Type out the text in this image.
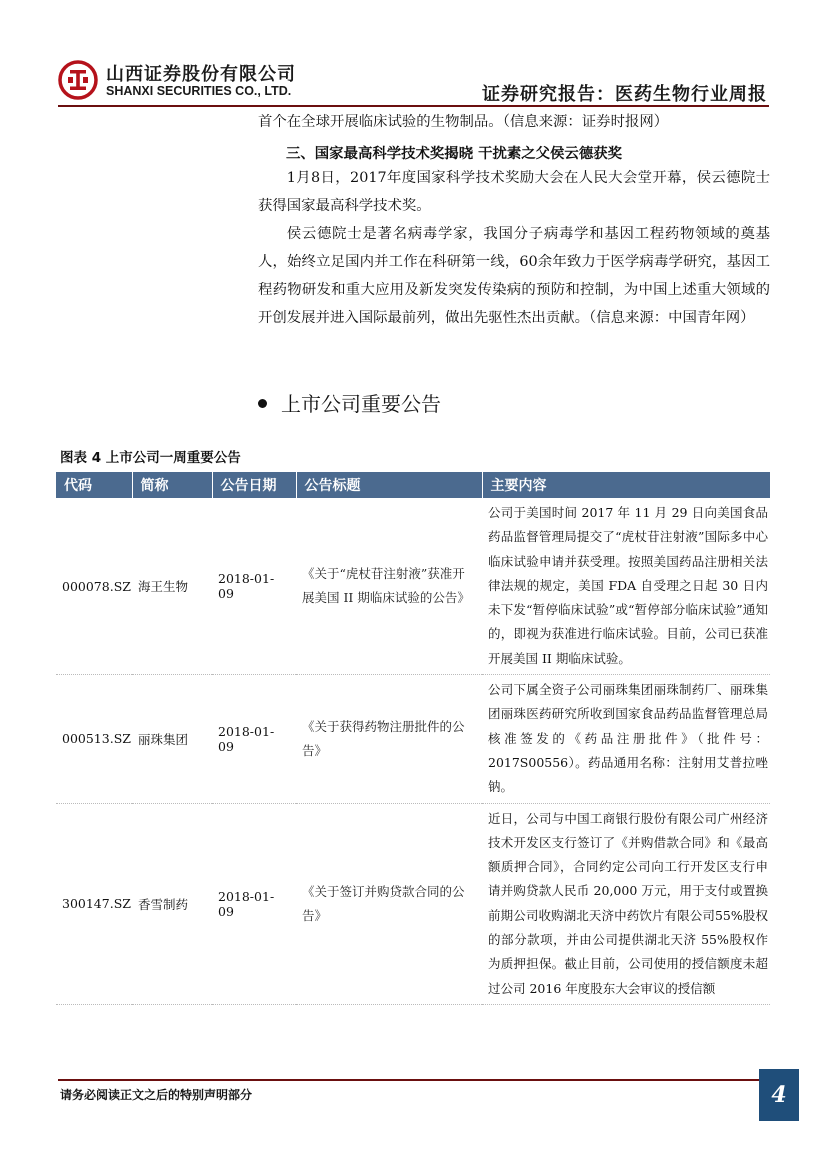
山西证券股份有限公司
SHANXI SECURITIES CO., LTD.	证券研究报告：医药生物行业周报

首个在全球开展临床试验的生物制品。（信息来源：证券时报网）

三、国家最高科学技术奖揭晓 干扰素之父侯云德获奖

1月8日，2017年度国家科学技术奖励大会在人民大会堂开幕，侯云德院士获得国家最高科学技术奖。

侯云德院士是著名病毒学家，我国分子病毒学和基因工程药物领域的奠基人，始终立足国内并工作在科研第一线，60余年致力于医学病毒学研究，基因工程药物研发和重大应用及新发突发传染病的预防和控制，为中国上述重大领域的开创发展并进入国际最前列，做出先驱性杰出贡献。（信息来源：中国青年网）

上市公司重要公告
图表 4 上市公司一周重要公告
代码	简称	公告日期	公告标题	主要内容
000078.SZ	海王生物	2018-01-09	《关于“虎杖苷注射液”获准开展美国 II 期临床试验的公告》	公司于美国时间 2017 年 11 月 29 日向美国食品药品监督管理局提交了“虎杖苷注射液”国际多中心临床试验申请并获受理。按照美国药品注册相关法律法规的规定，美国 FDA 自受理之日起 30 日内未下发“暂停临床试验”或“暂停部分临床试验”通知的，即视为获准进行临床试验。目前，公司已获准开展美国 II 期临床试验。
000513.SZ	丽珠集团	2018-01-09	《关于获得药物注册批件的公告》	公司下属全资子公司丽珠集团丽珠制药厂、丽珠集团丽珠医药研究所收到国家食品药品监督管理总局核准签发的《药品注册批件》（批件号：2017S00556）。药品通用名称：注射用艾普拉唑钠。
300147.SZ	香雪制药	2018-01-09	《关于签订并购贷款合同的公告》	近日，公司与中国工商银行股份有限公司广州经济技术开发区支行签订了《并购借款合同》和《最高额质押合同》，合同约定公司向工行开发区支行申请并购贷款人民币 20,000 万元，用于支付或置换前期公司收购湖北天济中药饮片有限公司55%股权的部分款项，并由公司提供湖北天济 55%股权作为质押担保。截止目前，公司使用的授信额度未超过公司 2016 年度股东大会审议的授信额
请务必阅读正文之后的特别声明部分	4
